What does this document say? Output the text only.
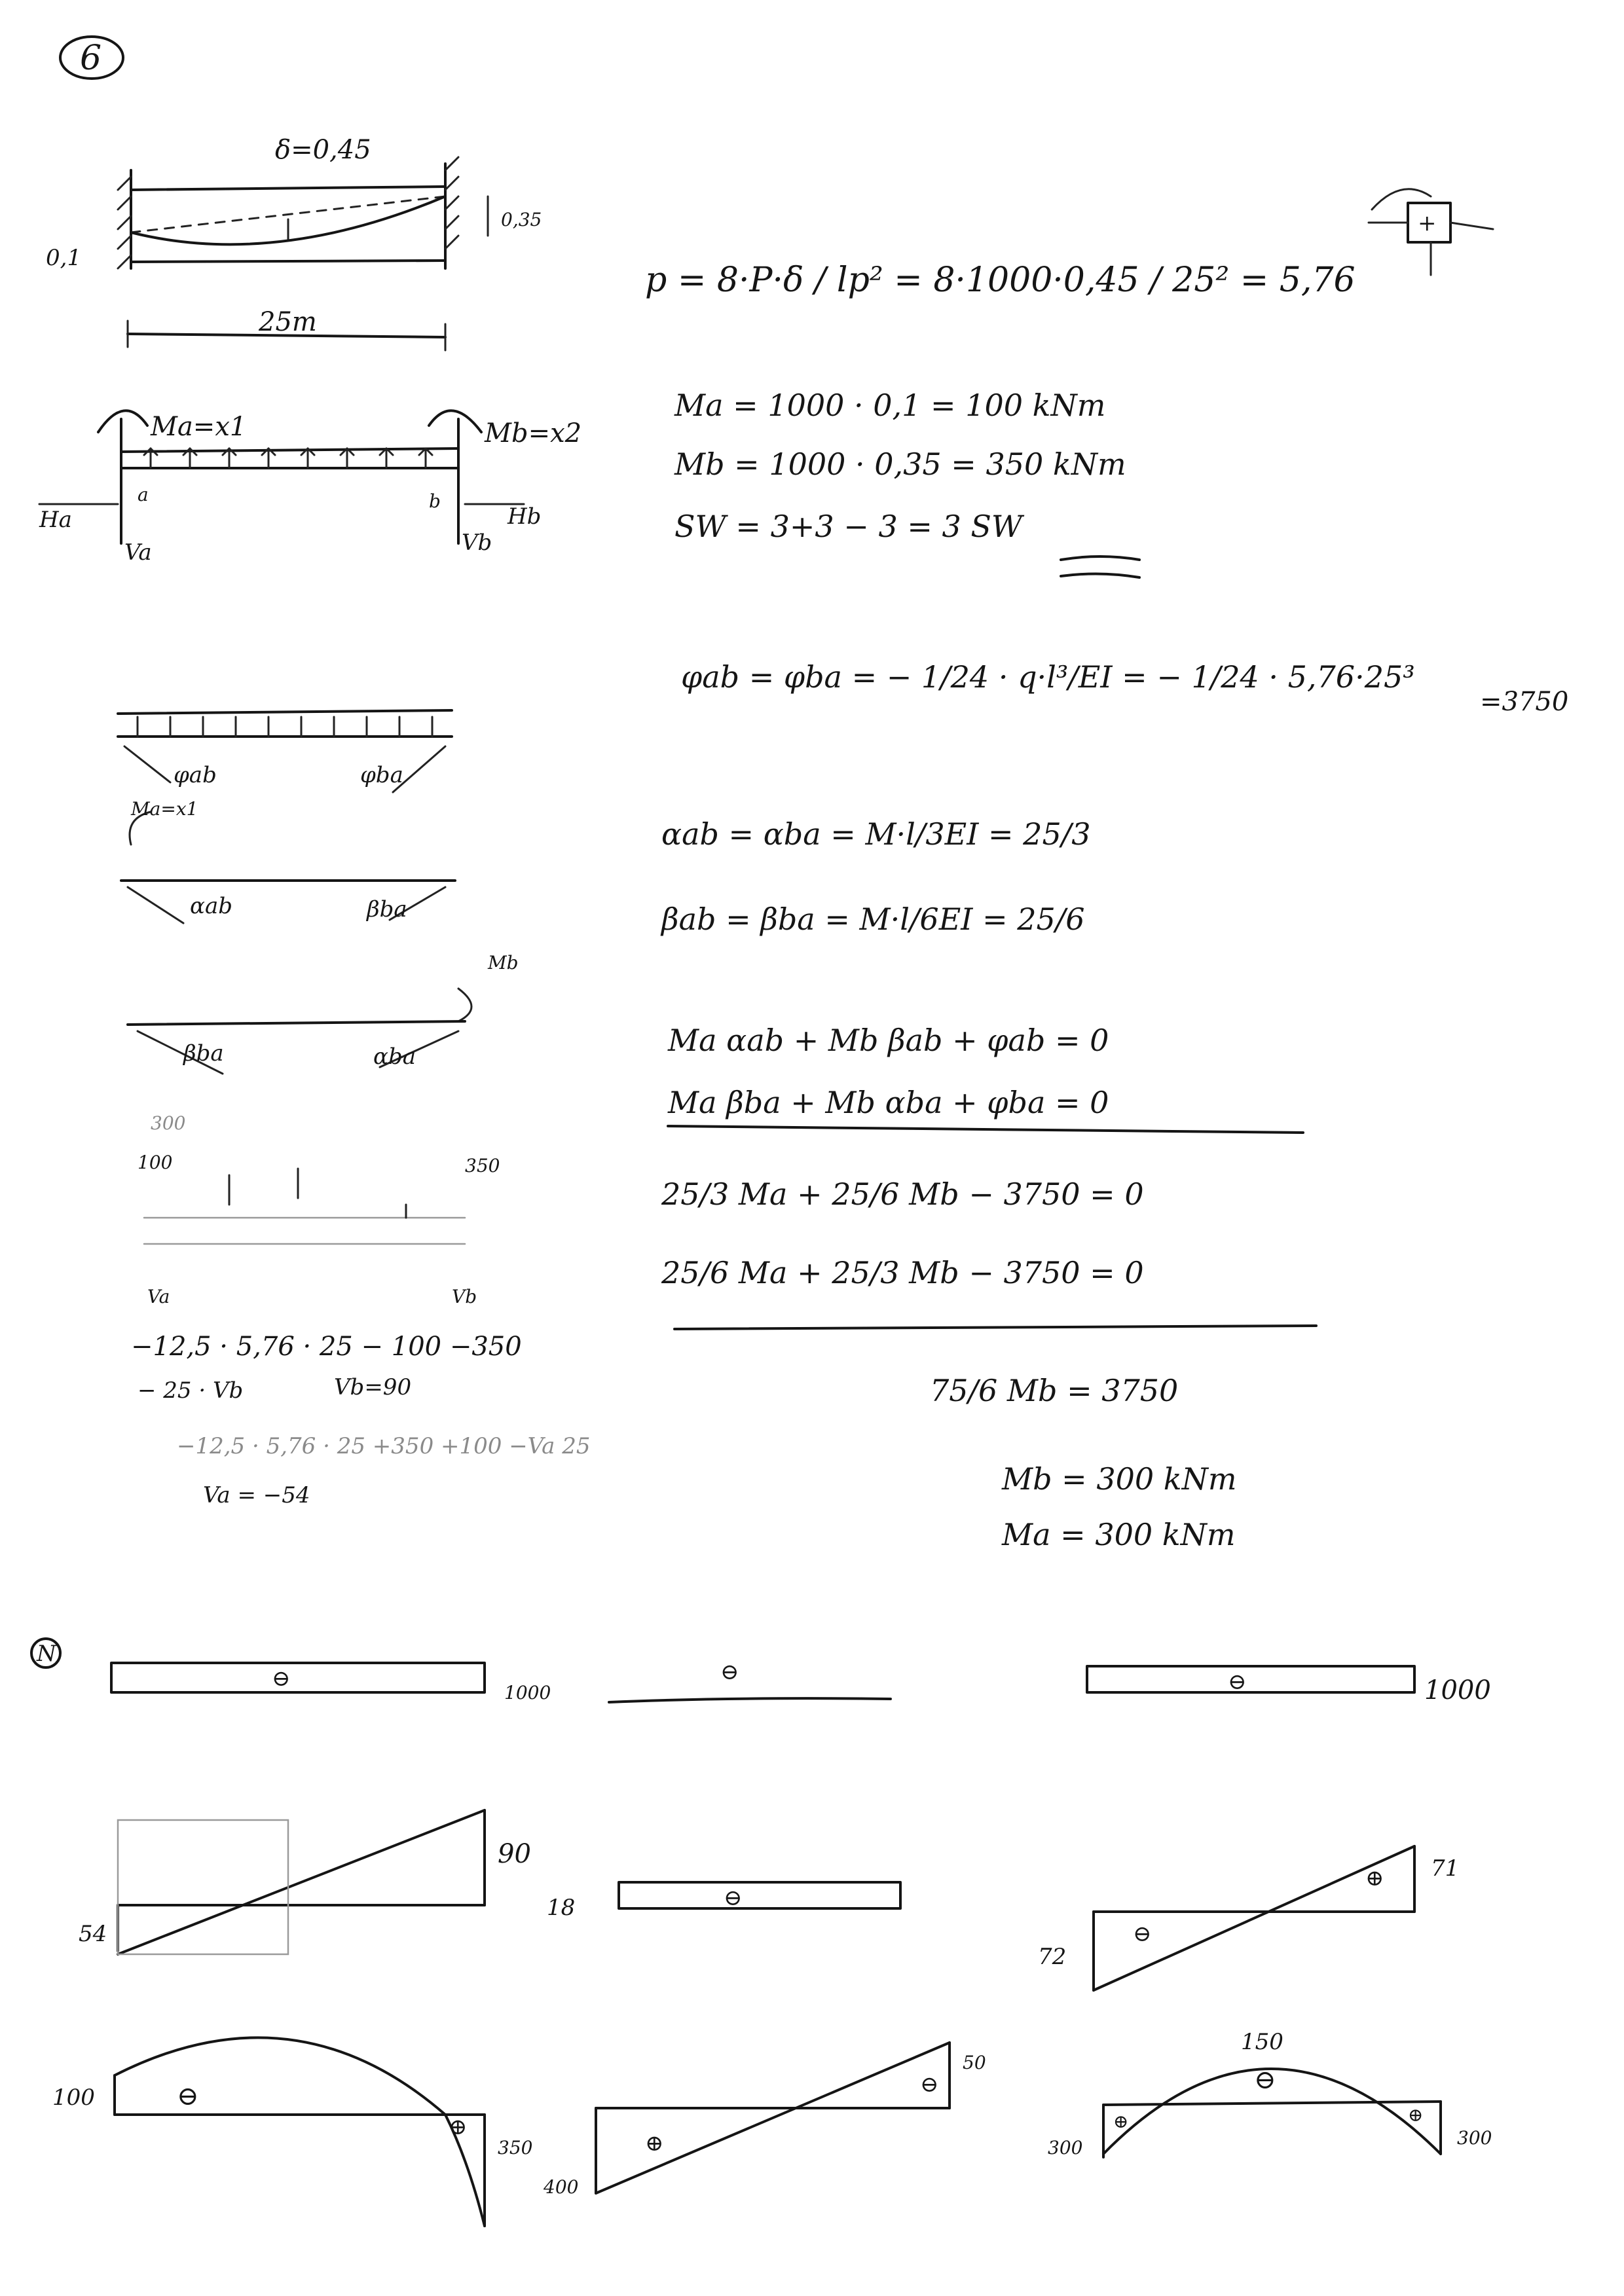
6
δ=0,45
0,1
0,35
25m
Ma=x1	Mb=x2
a	b
Ha	Hb
Va	Vb
+
p = 8·P·δ / lp² = 8·1000·0,45 / 25² = 5,76
Ma = 1000 · 0,1 = 100 kNm
Mb = 1000 · 0,35 = 350 kNm
SW = 3+3 − 3 = 3 SW
φab = φba = − 1/24 · q·l³/EI = − 1/24 · 5,76·25³
=3750
αab = αba = M·l/3EI = 25/3
βab = βba = M·l/6EI = 25/6
Ma αab + Mb βab + φab = 0
Ma βba + Mb αba + φba = 0
25/3 Ma + 25/6 Mb − 3750 = 0
25/6 Ma + 25/3 Mb − 3750 = 0
75/6 Mb = 3750
Mb = 300 kNm
Ma = 300 kNm
φab	φba
Ma=x1
αab	βba
Mb
βba	αba
300
100	350
Va	Vb
−12,5 · 5,76 · 25 − 100 −350
− 25 · Vb	Vb=90
−12,5 · 5,76 · 25 +350 +100 −Va 25
Va = −54
N
⊖
1000
⊖	⊖	1000
54
90
18	⊖
⊖
⊕
72
71
100	⊖
⊕
350	⊕
⊖
50
400
⊕	⊕
⊖
150
300	300
